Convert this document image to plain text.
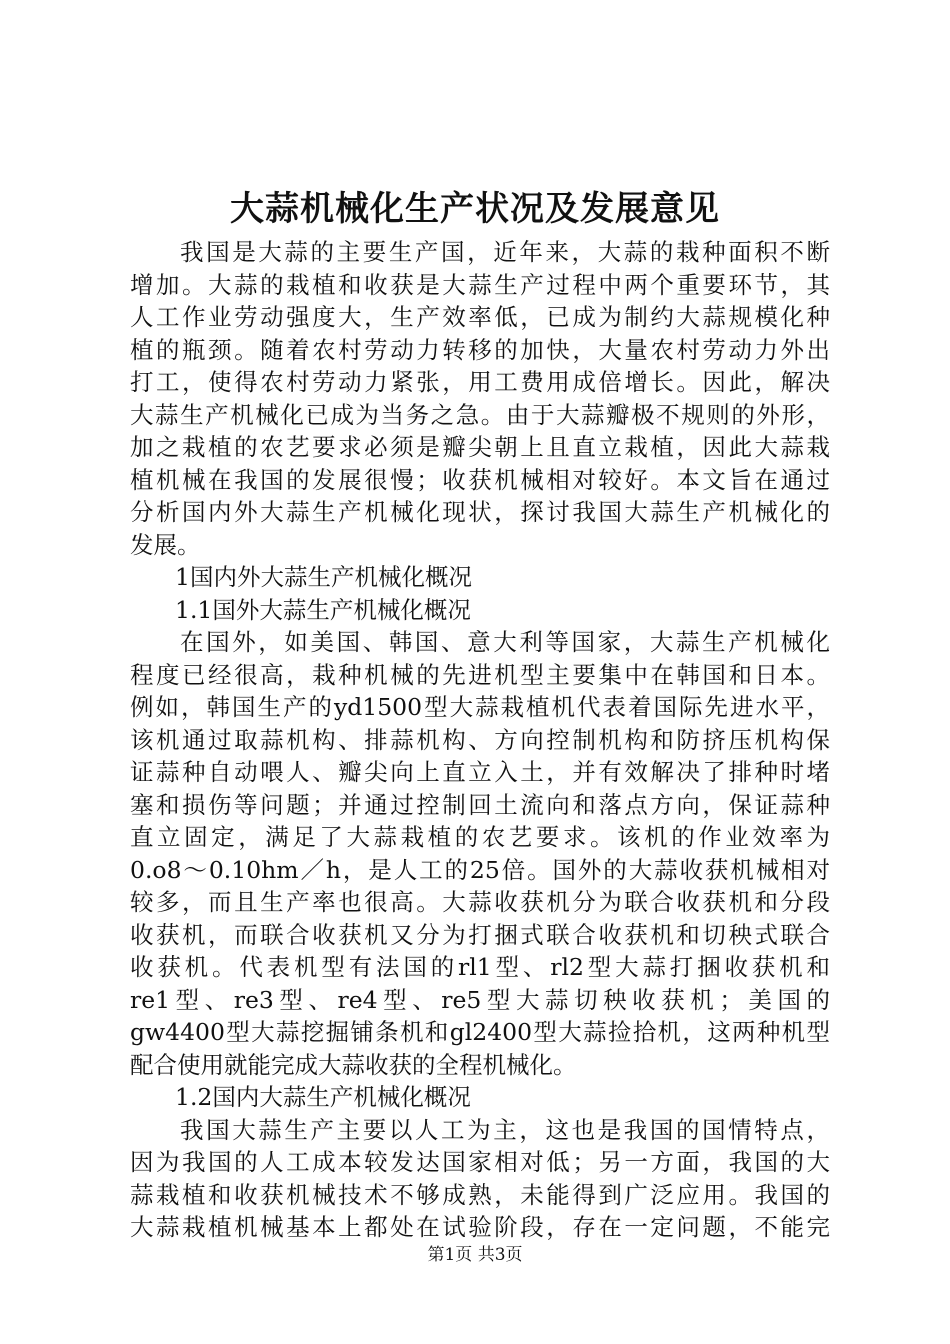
大蒜机械化生产状况及发展意见
我国是大蒜的主要生产国，近年来，大蒜的栽种面积不断
增加。大蒜的栽植和收获是大蒜生产过程中两个重要环节，其
人工作业劳动强度大，生产效率低，已成为制约大蒜规模化种
植的瓶颈。随着农村劳动力转移的加快，大量农村劳动力外出
打工，使得农村劳动力紧张，用工费用成倍增长。因此，解决
大蒜生产机械化已成为当务之急。由于大蒜瓣极不规则的外形，
加之栽植的农艺要求必须是瓣尖朝上且直立栽植，因此大蒜栽
植机械在我国的发展很慢；收获机械相对较好。本文旨在通过
分析国内外大蒜生产机械化现状，探讨我国大蒜生产机械化的
发展。
1国内外大蒜生产机械化概况
1.1国外大蒜生产机械化概况
在国外，如美国、韩国、意大利等国家，大蒜生产机械化
程度已经很高，栽种机械的先进机型主要集中在韩国和日本。
例如，韩国生产的yd1500型大蒜栽植机代表着国际先进水平，
该机通过取蒜机构、排蒜机构、方向控制机构和防挤压机构保
证蒜种自动喂人、瓣尖向上直立入土，并有效解决了排种时堵
塞和损伤等问题；并通过控制回土流向和落点方向，保证蒜种
直立固定，满足了大蒜栽植的农艺要求。该机的作业效率为
0.o8～0.10hm／h，是人工的25倍。国外的大蒜收获机械相对
较多，而且生产率也很高。大蒜收获机分为联合收获机和分段
收获机，而联合收获机又分为打捆式联合收获机和切秧式联合
收获机。代表机型有法国的rl1型、rl2型大蒜打捆收获机和
re1型、re3型、re4型、re5型大蒜切秧收获机；美国的
gw4400型大蒜挖掘铺条机和gl2400型大蒜捡拾机，这两种机型
配合使用就能完成大蒜收获的全程机械化。
1.2国内大蒜生产机械化概况
我国大蒜生产主要以人工为主，这也是我国的国情特点，
因为我国的人工成本较发达国家相对低；另一方面，我国的大
蒜栽植和收获机械技术不够成熟，未能得到广泛应用。我国的
大蒜栽植机械基本上都处在试验阶段，存在一定问题，不能完
第1页 共3页
